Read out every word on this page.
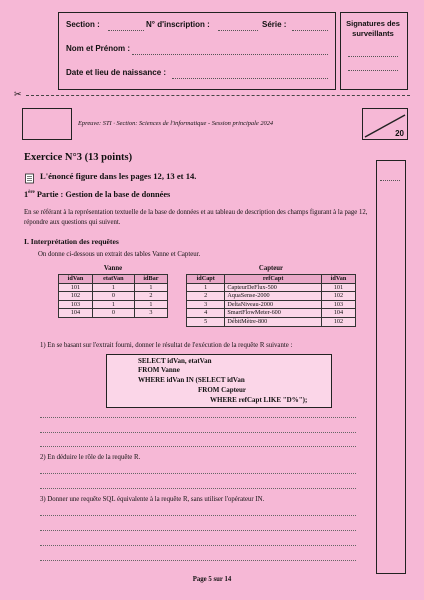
Section :	N° d'inscription :	Série :
Nom et Prénom :
Date et lieu de naissance :
Signatures des surveillants
✂
Epreuve: STI · Section: Sciences de l'informatique - Session principale 2024
20
Exercice N°3 (13 points)
L'énoncé figure dans les pages 12, 13 et 14.
1ère Partie : Gestion de la base de données
En se référant à la représentation textuelle de la base de données et au tableau de description des champs figurant à la page 12, répondre aux questions qui suivent.
I. Interprétation des requêtes
On donne ci-dessous un extrait des tables Vanne et Capteur.
Vanne
idVan	etatVan	idBar
101	1	1
102	0	2
103	1	1
104	0	3
Capteur
idCapt	refCapt	idVan
1	CapteurDeFlux-500	101
2	AquaSense-2000	102
3	DeltaNiveau-2000	103
4	SmartFlowMeter-600	104
5	DébitMètre-800	102
1) En se basant sur l'extrait fourni, donner le résultat de l'exécution de la requête R suivante :
SELECT idVan, etatVan
FROM Vanne
WHERE idVan IN (SELECT idVan
FROM Capteur
WHERE refCapt LIKE "D%");
2) En déduire le rôle de la requête R.
3) Donner une requête SQL équivalente à la requête R, sans utiliser l'opérateur IN.
Page 5 sur 14
